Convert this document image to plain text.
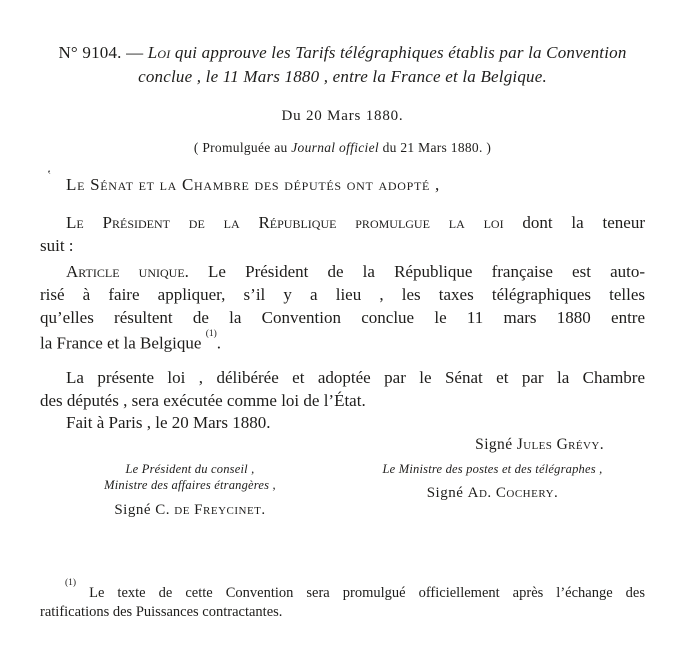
‛
N° 9104. — Loi qui approuve les Tarifs télégraphiques établis par la Convention
conclue , le 11 Mars 1880 , entre la France et la Belgique.

Du 20 Mars 1880.

( Promulguée au Journal officiel du 21 Mars 1880. )

Le Sénat et la Chambre des députés ont adopté ,

Le Président de la République promulgue la loi dont la teneur
suit :

Article unique. Le Président de la République française est auto-
risé à faire appliquer, s’il y a lieu , les taxes télégraphiques telles
qu’elles résultent de la Convention conclue le 11 mars 1880 entre
la France et la Belgique $^{(1)}$.

La présente loi , délibérée et adoptée par le Sénat et par la Chambre
des députés , sera exécutée comme loi de l’État.

Fait à Paris , le 20 Mars 1880.

Signé Jules Grévy.

Le Président du conseil ,
Ministre des affaires étrangères ,
Signé C. de Freycinet.
Le Ministre des postes et des télégraphes ,
Signé Ad. Cochery.

$^{(1)}$ Le texte de cette Convention sera promulgué officiellement après l’échange des
ratifications des Puissances contractantes.
